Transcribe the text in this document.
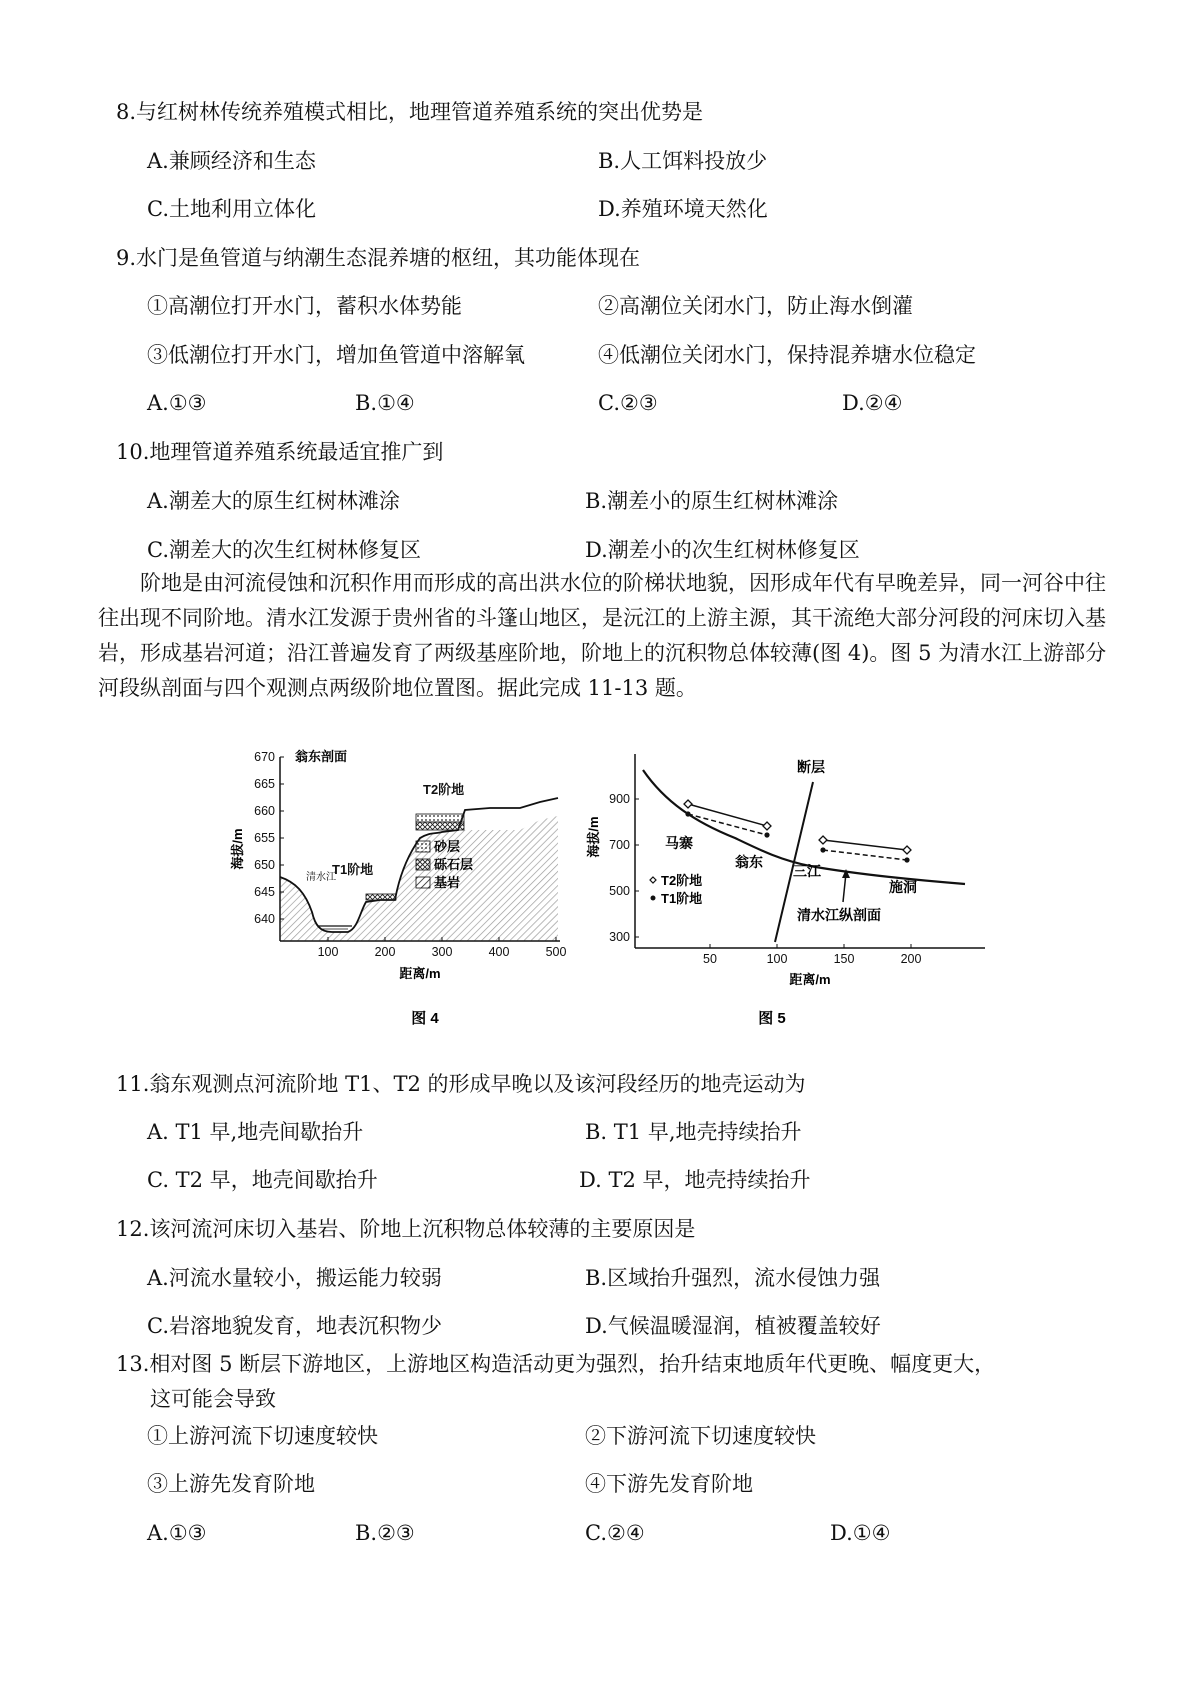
8.与红树林传统养殖模式相比，地理管道养殖系统的突出优势是
A.兼顾经济和生态	B.人工饵料投放少
C.土地利用立体化	D.养殖环境天然化
9.水门是鱼管道与纳潮生态混养塘的枢纽，其功能体现在
①高潮位打开水门，蓄积水体势能	②高潮位关闭水门，防止海水倒灌
③低潮位打开水门，增加鱼管道中溶解氧	④低潮位关闭水门，保持混养塘水位稳定
A.①③	B.①④	C.②③	D.②④
10.地理管道养殖系统最适宜推广到
A.潮差大的原生红树林滩涂	B.潮差小的原生红树林滩涂
C.潮差大的次生红树林修复区	D.潮差小的次生红树林修复区
阶地是由河流侵蚀和沉积作用而形成的高出洪水位的阶梯状地貌，因形成年代有早晚差异，同一河谷中往往出现不同阶地。清水江发源于贵州省的斗篷山地区，是沅江的上游主源，其干流绝大部分河段的河床切入基岩，形成基岩河道；沿江普遍发育了两级基座阶地，阶地上的沉积物总体较薄(图 4)。图 5 为清水江上游部分河段纵剖面与四个观测点两级阶地位置图。据此完成 11-13 题。
670
665
660
655
650
645
640
100	200	300	400	500
距离/m
海拔/m
翁东剖面
清水江
T2阶地
T1阶地
砂层
砾石层
基岩
图 4
900
700
500
300
50	100	150	200
距离/m
海拔/m
断层
马寨
翁东
三江
施洞
T2阶地
T1阶地
清水江纵剖面
图 5
11.翁东观测点河流阶地 T1、T2 的形成早晚以及该河段经历的地壳运动为
A. T1 早,地壳间歇抬升	B. T1 早,地壳持续抬升
C. T2 早，地壳间歇抬升	D. T2 早，地壳持续抬升
12.该河流河床切入基岩、阶地上沉积物总体较薄的主要原因是
A.河流水量较小，搬运能力较弱	B.区域抬升强烈，流水侵蚀力强
C.岩溶地貌发育，地表沉积物少	D.气候温暖湿润，植被覆盖较好
13.相对图 5 断层下游地区，上游地区构造活动更为强烈，抬升结束地质年代更晚、幅度更大，
这可能会导致
①上游河流下切速度较快	②下游河流下切速度较快
③上游先发育阶地	④下游先发育阶地
A.①③	B.②③	C.②④	D.①④
